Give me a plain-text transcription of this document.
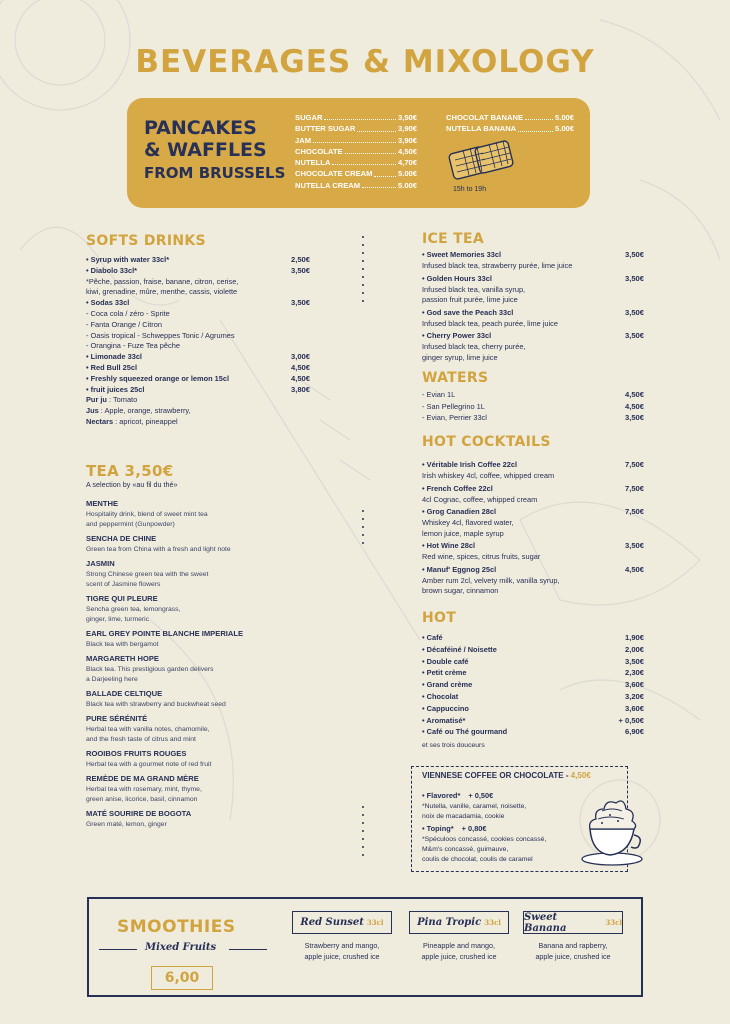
BEVERAGES & MIXOLOGY
PANCAKES
& WAFFLES
FROM BRUSSELS
SUGAR	3,50€
BUTTER SUGAR	3,90€
JAM	3,90€
CHOCOLATE	4,50€
NUTELLA	4,70€
CHOCOLATE CREAM	5.00€
NUTELLA CREAM	5.00€
CHOCOLAT BANANE	5.00€
NUTELLA BANANA	5.00€
15h to 19h
SOFTS DRINKS
• Syrup with water 33cl*	2,50€
• Diabolo 33cl*	3,50€
*Pêche, passion, fraise, banane, citron, cerise,
kiwi, grenadine, mûre, menthe, cassis, violette
• Sodas 33cl	3,50€
- Coca cola / zéro - Sprite
- Fanta Orange / Citron
- Oasis tropical - Schweppes Tonic / Agrumes
- Orangina - Fuze Tea pêche
• Limonade 33cl	3,00€
• Red Bull 25cl	4,50€
• Freshly squeezed orange or lemon 15cl	4,50€
• fruit juices 25cl	3,80€
Pur ju : Tomato
Jus : Apple, orange, strawberry,
Nectars : apricot, pineappel
TEA 3,50€
A selection by «au fil du thé»
MENTHE
Hospitality drink, blend of sweet mint tea
and peppermint (Gunpowder)
SENCHA DE CHINE
Green tea from China with a fresh and light note
JASMIN
Strong Chinese green tea with the sweet
scent of Jasmine flowers
TIGRE QUI PLEURE
Sencha green tea, lemongrass,
ginger, lime, turmeric
EARL GREY POINTE BLANCHE IMPERIALE
Black tea with bergamot
MARGARETH HOPE
Black tea. This prestigious garden delivers
a Darjeeling here
BALLADE CELTIQUE
Black tea with strawberry and buckwheat seed
PURE SÉRÉNITÉ
Herbal tea with vanilla notes, chamomile,
and the fresh taste of citrus and mint
ROOIBOS FRUITS ROUGES
Herbal tea with a gourmet note of red fruit
REMÈDE DE MA GRAND MÈRE
Herbal tea with rosemary, mint, thyme,
green anise, licorice, basil, cinnamon
MATÉ SOURIRE DE BOGOTA
Green maté, lemon, ginger
ICE TEA
• Sweet Memories 33cl	3,50€
Infused black tea, strawberry purée, lime juice
• Golden Hours 33cl	3,50€
Infused black tea, vanilla syrup,
passion fruit purée, lime juice
• God save the Peach 33cl	3,50€
Infused black tea, peach purée, lime juice
• Cherry Power 33cl	3,50€
Infused black tea, cherry purée,
ginger syrup, lime juice
WATERS
- Evian 1L	4,50€
- San Pellegrino 1L	4,50€
- Evian, Perrier 33cl	3,50€
HOT COCKTAILS
• Véritable Irish Coffee 22cl	7,50€
Irish whiskey 4cl, coffee, whipped cream
• French Coffee 22cl	7,50€
4cl Cognac, coffee, whipped cream
• Grog Canadien 28cl	7,50€
Whiskey 4cl, flavored water,
lemon juice, maple syrup
• Hot Wine 28cl	3,50€
Red wine, spices, citrus fruits, sugar
• Manuf' Eggnog 25cl	4,50€
Amber rum 2cl, velvety milk, vanilla syrup,
brown sugar, cinnamon
HOT
• Café	1,90€
• Décaféiné / Noisette	2,00€
• Double café	3,50€
• Petit crème	2,30€
• Grand crème	3,60€
• Chocolat	3,20€
• Cappuccino	3,60€
• Aromatisé*	+ 0,50€
• Café ou Thé gourmand	6,90€
et ses trois douceurs
VIENNESE COFFEE OR CHOCOLATE - 4,50€
• Flavored* + 0,50€
*Nutella, vanille, caramel, noisette,
noix de macadamia, cookie
• Toping* + 0,80€
*Spéculoos concassé, cookies concassé,
M&m's concassé, guimauve,
coulis de chocolat, coulis de caramel
SMOOTHIES
Mixed Fruits
6,00
Red Sunset 33cl
Strawberry and mango,
apple juice, crushed ice
Pina Tropic 33cl
Pineapple and mango,
apple juice, crushed ice
Sweet Banana	33cl
Banana and rapberry,
apple juice, crushed ice
